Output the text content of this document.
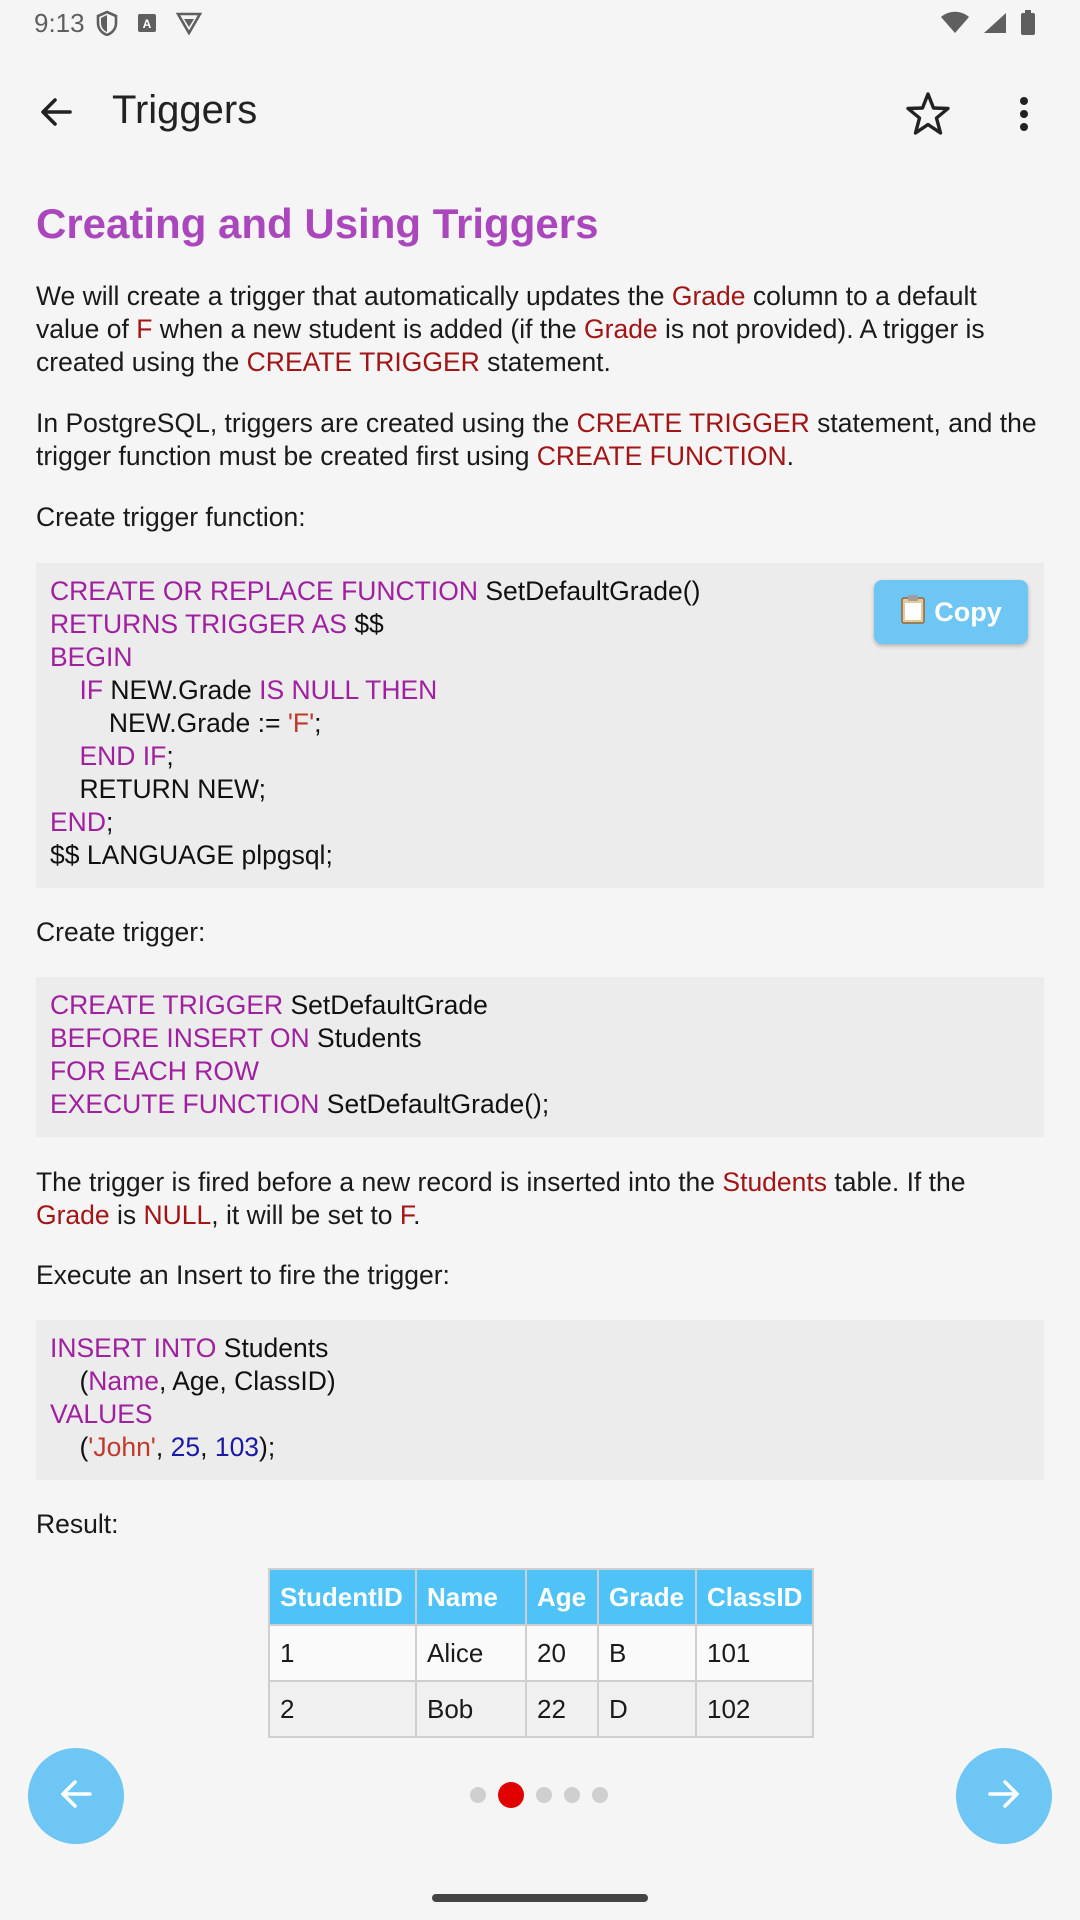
9:13	A
Triggers
Creating and Using Triggers
We will create a trigger that automatically updates the Grade column to a default value of F when a new student is added (if the Grade is not provided). A trigger is created using the CREATE TRIGGER statement.
In PostgreSQL, triggers are created using the CREATE TRIGGER statement, and the trigger function must be created first using CREATE FUNCTION.
Create trigger function:
CREATE OR REPLACE FUNCTION SetDefaultGrade()
RETURNS TRIGGER AS $$
BEGIN
IF NEW.Grade IS NULL THEN
NEW.Grade := 'F';
END IF;
RETURN NEW;
END;
$$ LANGUAGE plpgsql;
Copy
Create trigger:
CREATE TRIGGER SetDefaultGrade
BEFORE INSERT ON Students
FOR EACH ROW
EXECUTE FUNCTION SetDefaultGrade();
The trigger is fired before a new record is inserted into the Students table. If the Grade is NULL, it will be set to F.
Execute an Insert to fire the trigger:
INSERT INTO Students
(Name, Age, ClassID)
VALUES
('John', 25, 103);
Result:
StudentID	Name	Age	Grade	ClassID
1	Alice	20	B	101
2	Bob	22	D	102
